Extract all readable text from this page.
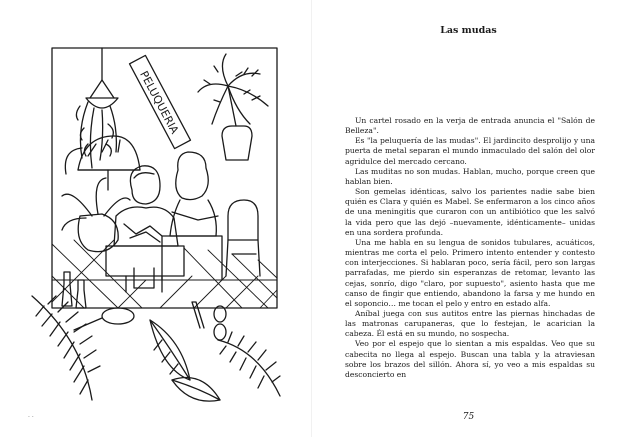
PELUQUERIA
. .
Las mudas

Un cartel rosado en la verja de entrada anuncia el "Salón de Belleza".

Es "la peluquería de las mudas". El jardincito desprolijo y una puerta de metal separan el mundo inmaculado del salón del olor agridulce del mercado cercano.

Las muditas no son mudas. Hablan, mucho, porque creen que hablan bien.

Son gemelas idénticas, salvo los parientes nadie sabe bien quién es Clara y quién es Mabel. Se enfermaron a los cinco años de una meningitis que curaron con un antibiótico que les salvó la vida pero que las dejó –nuevamente, idénticamente– unidas en una sordera profunda.

Una me habla en su lengua de sonidos tubulares, acuáticos, mientras me corta el pelo. Primero intento entender y contesto con interjecciones. Si hablaran poco, sería fácil, pero son largas parrafadas, me pierdo sin esperanzas de retomar, levanto las cejas, sonrío, digo "claro, por supuesto", asiento hasta que me canso de fingir que entiendo, abandono la farsa y me hundo en el soponcio… me tocan el pelo y entro en estado alfa.

Aníbal juega con sus autitos entre las piernas hinchadas de las matronas carupaneras, que lo festejan, le acarician la cabeza. Él está en su mundo, no sospecha.

Veo por el espejo que lo sientan a mis espaldas. Veo que su cabecita no llega al espejo. Buscan una tabla y la atraviesan sobre los brazos del sillón. Ahora sí, yo veo a mis espaldas su desconcierto en

75
